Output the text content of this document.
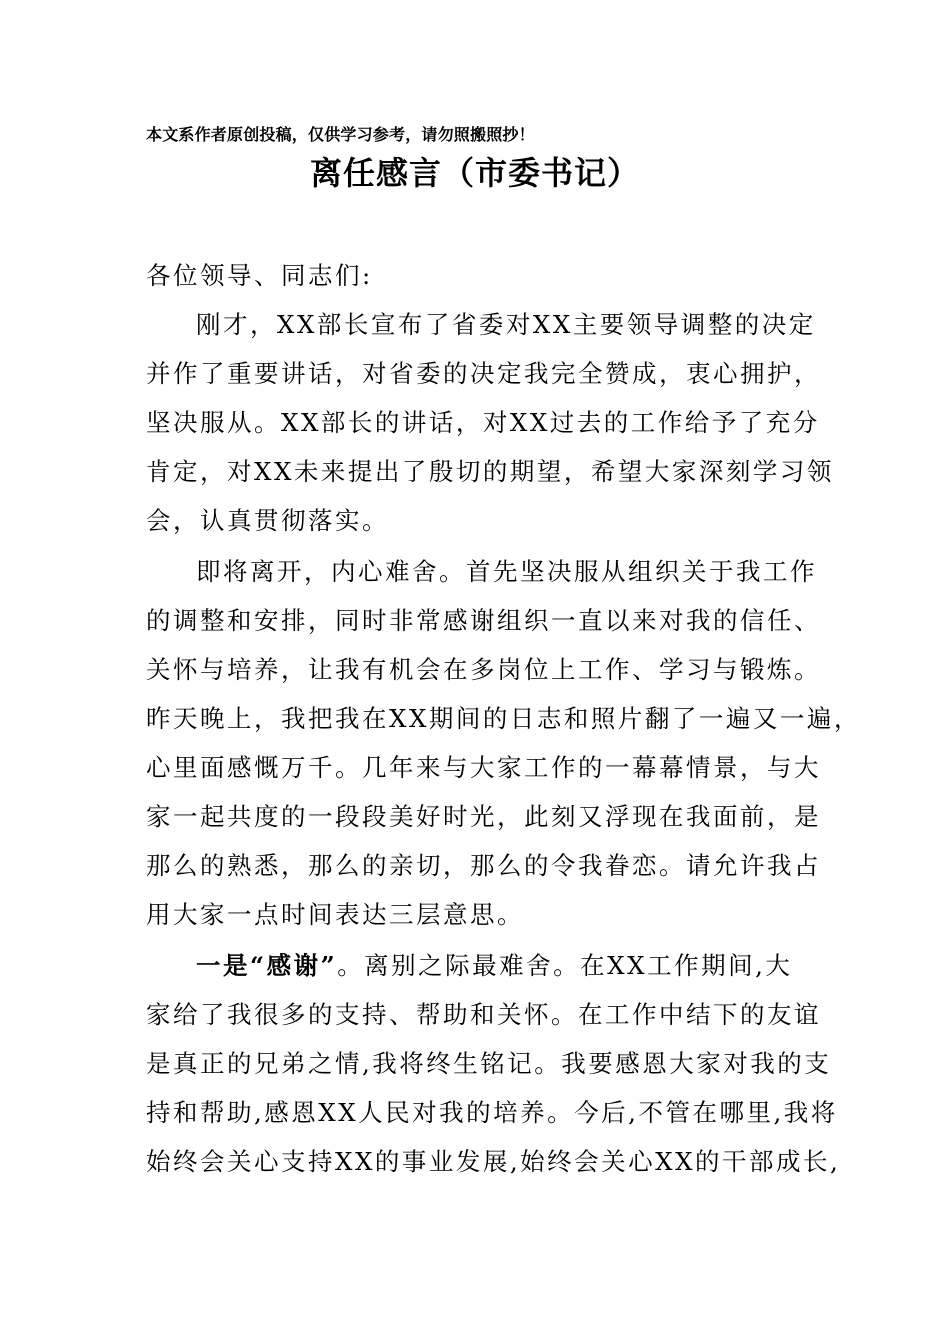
本文系作者原创投稿，仅供学习参考，请勿照搬照抄！
离任感言（市委书记）
各位领导、同志们:
刚才，XX部长宣布了省委对XX主要领导调整的决定
并作了重要讲话，对省委的决定我完全赞成，衷心拥护，
坚决服从。XX部长的讲话，对XX过去的工作给予了充分
肯定，对XX未来提出了殷切的期望，希望大家深刻学习领
会，认真贯彻落实。
即将离开，内心难舍。首先坚决服从组织关于我工作
的调整和安排，同时非常感谢组织一直以来对我的信任、
关怀与培养，让我有机会在多岗位上工作、学习与锻炼。
昨天晚上，我把我在XX期间的日志和照片翻了一遍又一遍，
心里面感慨万千。几年来与大家工作的一幕幕情景，与大
家一起共度的一段段美好时光，此刻又浮现在我面前，是
那么的熟悉，那么的亲切，那么的令我眷恋。请允许我占
用大家一点时间表达三层意思。
一是“感谢”。离别之际最难舍。在XX工作期间,大
家给了我很多的支持、帮助和关怀。在工作中结下的友谊
是真正的兄弟之情,我将终生铭记。我要感恩大家对我的支
持和帮助,感恩XX人民对我的培养。今后,不管在哪里,我将
始终会关心支持XX的事业发展,始终会关心XX的干部成长,
